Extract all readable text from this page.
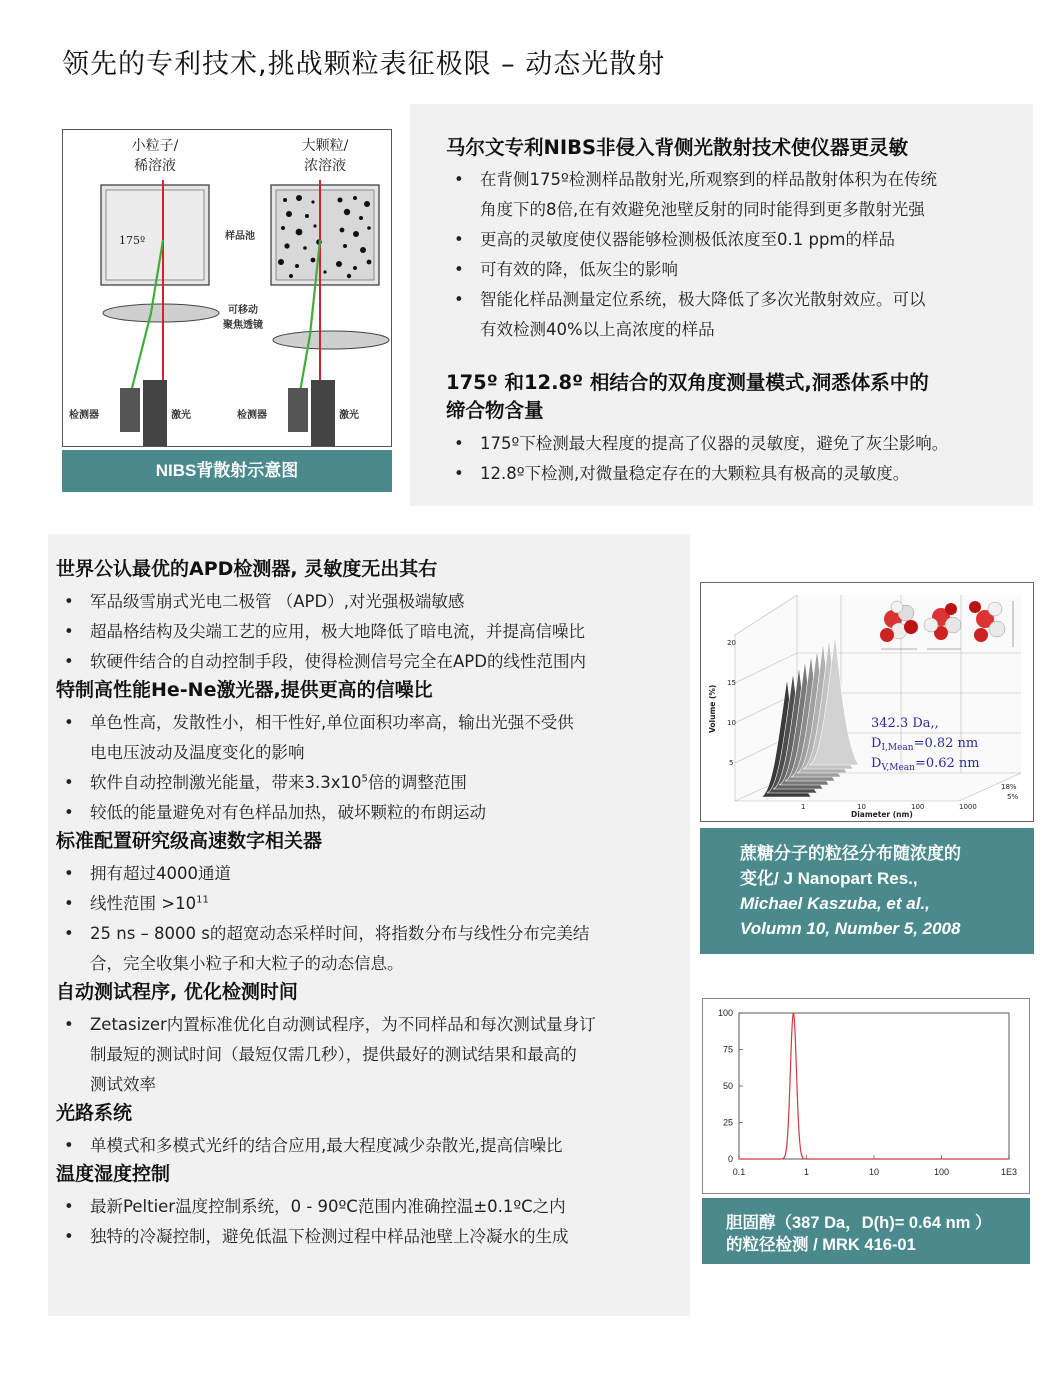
领先的专利技术,挑战颗粒表征极限 – 动态光散射
小粒子/
稀溶液
大颗粒/
浓溶液
175º	样品池
可移动
聚焦透镜
检测器	激光	检测器	激光
NIBS背散射示意图
马尔文专利NIBS非侵入背侧光散射技术使仪器更灵敏
• 在背侧175º检测样品散射光,所观察到的样品散射体积为在传统
角度下的8倍,在有效避免池壁反射的同时能得到更多散射光强
• 更高的灵敏度使仪器能够检测极低浓度至0.1 ppm的样品
• 可有效的降，低灰尘的影响
• 智能化样品测量定位系统，极大降低了多次光散射效应。可以
有效检测40%以上高浓度的样品
175º 和12.8º 相结合的双角度测量模式,洞悉体系中的
缔合物含量
• 175º下检测最大程度的提高了仪器的灵敏度，避免了灰尘影响。
• 12.8º下检测,对微量稳定存在的大颗粒具有极高的灵敏度。
世界公认最优的APD检测器, 灵敏度无出其右
• 军品级雪崩式光电二极管 （APD）,对光强极端敏感
• 超晶格结构及尖端工艺的应用，极大地降低了暗电流，并提高信噪比
• 软硬件结合的自动控制手段，使得检测信号完全在APD的线性范围内
特制高性能He-Ne激光器,提供更高的信噪比
• 单色性高，发散性小，相干性好,单位面积功率高，输出光强不受供
电电压波动及温度变化的影响
• 软件自动控制激光能量，带来$3.3x10^5$倍的调整范围
• 较低的能量避免对有色样品加热，破坏颗粒的布朗运动
标准配置研究级高速数字相关器
• 拥有超过4000通道
• 线性范围 $>10^{11}$
• 25 ns – 8000 s的超宽动态采样时间，将指数分布与线性分布完美结
合，完全收集小粒子和大粒子的动态信息。
自动测试程序, 优化检测时间
• Zetasizer内置标准优化自动测试程序，为不同样品和每次测试量身订
制最短的测试时间（最短仅需几秒），提供最好的测试结果和最高的
测试效率
光路系统
• 单模式和多模式光纤的结合应用,最大程度减少杂散光,提高信噪比
温度湿度控制
• 最新Peltier温度控制系统，0 - 90ºC范围内准确控温±0.1ºC之内
• 独特的冷凝控制，避免低温下检测过程中样品池壁上冷凝水的生成
20
15
10
5
1	10	100	1000
18%
5%
Diameter (nm)
Volume (%)	342.3 Da,,
$D_{I,Mean}=0.82$ nm
$D_{V,Mean}=0.62$ nm
蔗糖分子的粒径分布随浓度的
变化/ J Nanopart Res.,
Michael Kaszuba, et al.,
Volumn 10, Number 5, 2008
100
75
50
25
0
0.1	1	10	100	1E3
胆固醇（387 Da，D(h)= 0.64 nm ）
的粒径检测 / MRK 416-01
